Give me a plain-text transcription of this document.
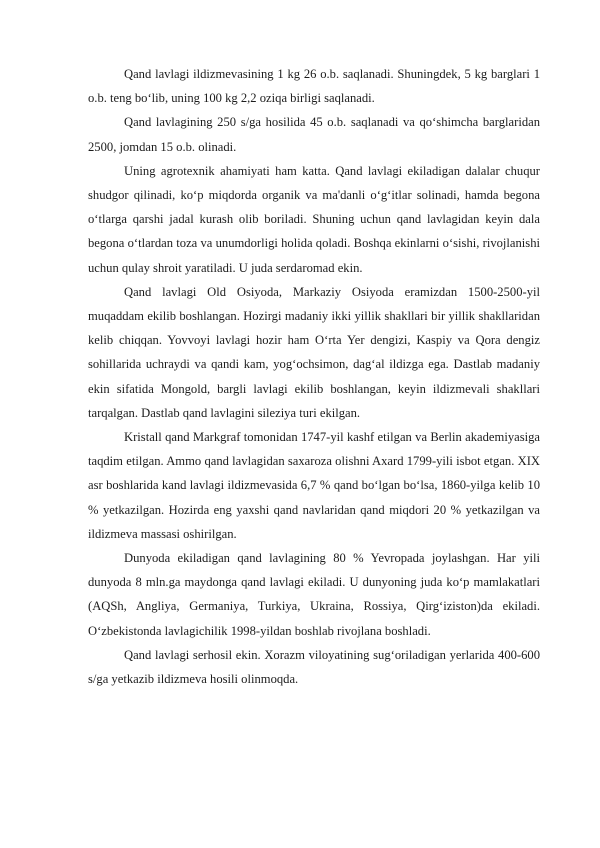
Qand lavlagi ildizmevasining 1 kg 26 o.b. saqlanadi. Shuningdek, 5 kg barglari 1 o.b. teng bo‘lib, uning 100 kg 2,2 oziqa birligi saqlanadi.

Qand lavlagining 250 s/ga hosilida 45 o.b. saqlanadi va qo‘shimcha barglaridan 2500, jomdan 15 o.b. olinadi.

Uning agrotexnik ahamiyati ham katta. Qand lavlagi ekiladigan dalalar chuqur shudgor qilinadi, ko‘p miqdorda organik va ma'danli o‘g‘itlar solinadi, hamda begona o‘tlarga qarshi jadal kurash olib boriladi. Shuning uchun qand lavlagidan keyin dala begona o‘tlardan toza va unumdorligi holida qoladi. Boshqa ekinlarni o‘sishi, rivojlanishi uchun qulay shroit yaratiladi. U juda serdaromad ekin.

Qand lavlagi Old Osiyoda, Markaziy Osiyoda eramizdan 1500-2500-yil muqaddam ekilib boshlangan. Hozirgi madaniy ikki yillik shakllari bir yillik shakllaridan kelib chiqqan. Yovvoyi lavlagi hozir ham O‘rta Yer dengizi, Kaspiy va Qora dengiz sohillarida uchraydi va qandi kam, yog‘ochsimon, dag‘al ildizga ega. Dastlab madaniy ekin sifatida Mongold, bargli lavlagi ekilib boshlangan, keyin ildizmevali shakllari tarqalgan. Dastlab qand lavlagini sileziya turi ekilgan.

Kristall qand Markgraf tomonidan 1747-yil kashf etilgan va Berlin akademiyasiga taqdim etilgan. Ammo qand lavlagidan saxaroza olishni Axard 1799-yili isbot etgan. XIX asr boshlarida kand lavlagi ildizmevasida 6,7 % qand bo‘lgan bo‘lsa, 1860-yilga kelib 10 % yetkazilgan. Hozirda eng yaxshi qand navlaridan qand miqdori 20 % yetkazilgan va ildizmeva massasi oshirilgan.

Dunyoda ekiladigan qand lavlagining 80 % Yevropada joylashgan. Har yili dunyoda 8 mln.ga maydonga qand lavlagi ekiladi. U dunyoning juda ko‘p mamlakatlari (AQSh, Angliya, Germaniya, Turkiya, Ukraina, Rossiya, Qirg‘iziston)da ekiladi. O‘zbekistonda lavlagichilik 1998-yildan boshlab rivojlana boshladi.

Qand lavlagi serhosil ekin. Xorazm viloyatining sug‘oriladigan yerlarida 400-600 s/ga yetkazib ildizmeva hosili olinmoqda.
